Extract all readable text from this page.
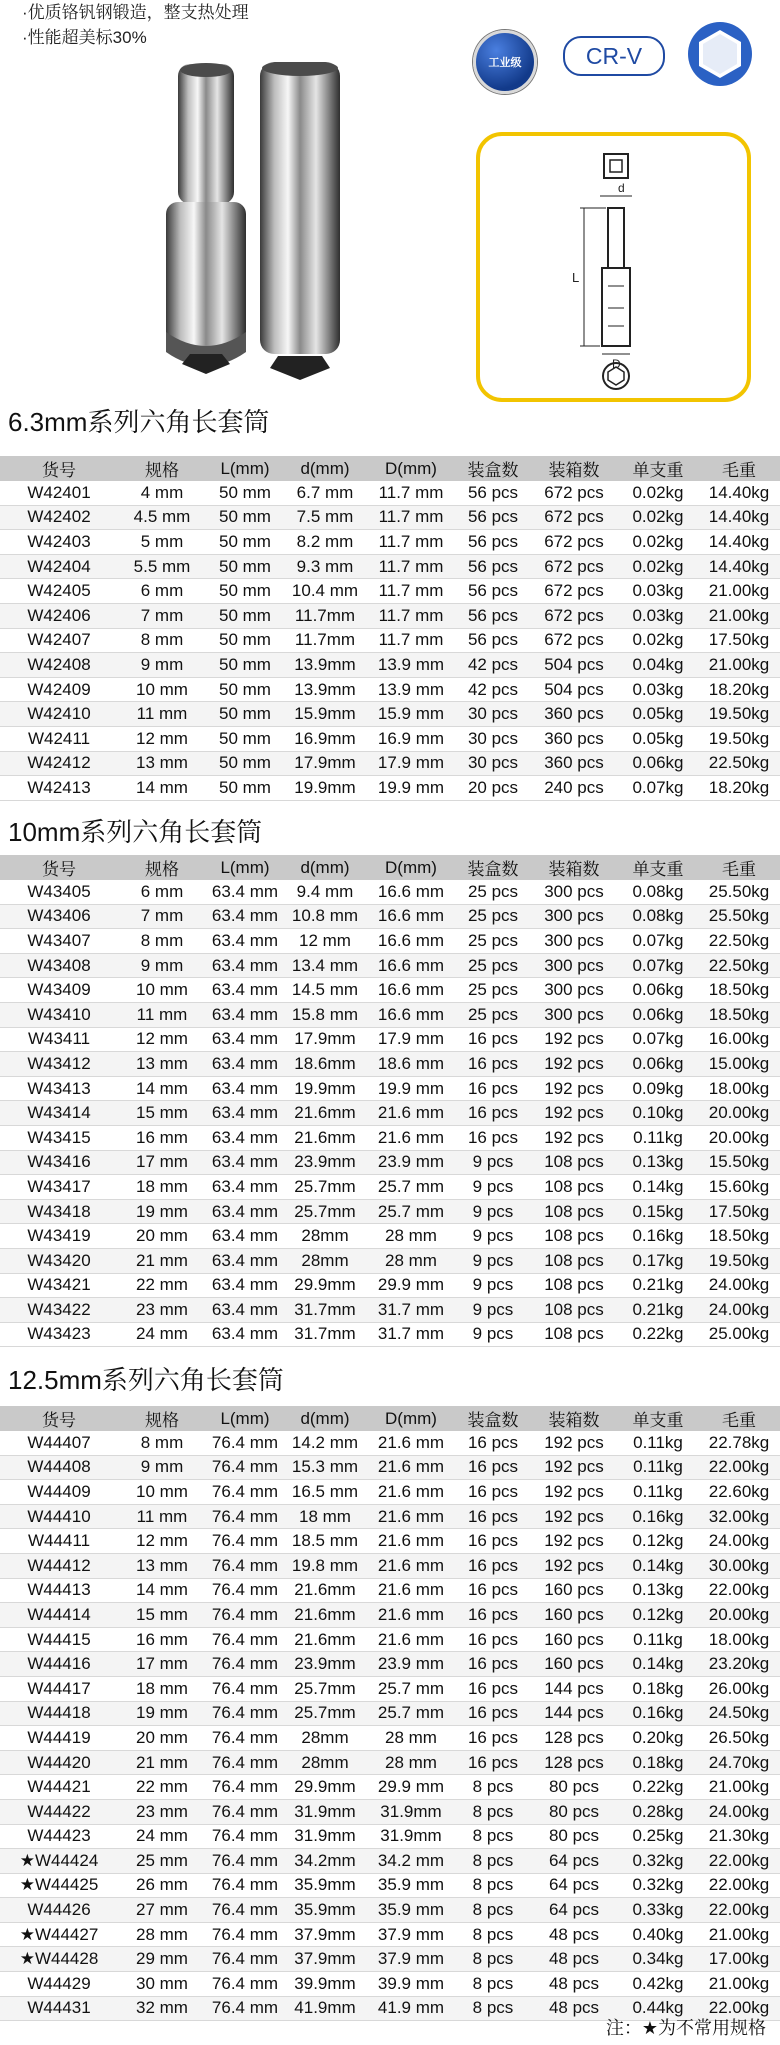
·优质铬钒钢锻造，整支热处理
·性能超美标30%
工业级	CR-V
d
L
D
6.3mm系列六角长套筒
货号	规格	L(mm)	d(mm)	D(mm)	装盒数	装箱数	单支重	毛重
W42401	4 mm	50 mm	6.7 mm	11.7 mm	56 pcs	672 pcs	0.02kg	14.40kg
W42402	4.5 mm	50 mm	7.5 mm	11.7 mm	56 pcs	672 pcs	0.02kg	14.40kg
W42403	5 mm	50 mm	8.2 mm	11.7 mm	56 pcs	672 pcs	0.02kg	14.40kg
W42404	5.5 mm	50 mm	9.3 mm	11.7 mm	56 pcs	672 pcs	0.02kg	14.40kg
W42405	6 mm	50 mm	10.4 mm	11.7 mm	56 pcs	672 pcs	0.03kg	21.00kg
W42406	7 mm	50 mm	11.7mm	11.7 mm	56 pcs	672 pcs	0.03kg	21.00kg
W42407	8 mm	50 mm	11.7mm	11.7 mm	56 pcs	672 pcs	0.02kg	17.50kg
W42408	9 mm	50 mm	13.9mm	13.9 mm	42 pcs	504 pcs	0.04kg	21.00kg
W42409	10 mm	50 mm	13.9mm	13.9 mm	42 pcs	504 pcs	0.03kg	18.20kg
W42410	11 mm	50 mm	15.9mm	15.9 mm	30 pcs	360 pcs	0.05kg	19.50kg
W42411	12 mm	50 mm	16.9mm	16.9 mm	30 pcs	360 pcs	0.05kg	19.50kg
W42412	13 mm	50 mm	17.9mm	17.9 mm	30 pcs	360 pcs	0.06kg	22.50kg
W42413	14 mm	50 mm	19.9mm	19.9 mm	20 pcs	240 pcs	0.07kg	18.20kg
10mm系列六角长套筒
货号	规格	L(mm)	d(mm)	D(mm)	装盒数	装箱数	单支重	毛重
W43405	6 mm	63.4 mm	9.4 mm	16.6 mm	25 pcs	300 pcs	0.08kg	25.50kg
W43406	7 mm	63.4 mm	10.8 mm	16.6 mm	25 pcs	300 pcs	0.08kg	25.50kg
W43407	8 mm	63.4 mm	12 mm	16.6 mm	25 pcs	300 pcs	0.07kg	22.50kg
W43408	9 mm	63.4 mm	13.4 mm	16.6 mm	25 pcs	300 pcs	0.07kg	22.50kg
W43409	10 mm	63.4 mm	14.5 mm	16.6 mm	25 pcs	300 pcs	0.06kg	18.50kg
W43410	11 mm	63.4 mm	15.8 mm	16.6 mm	25 pcs	300 pcs	0.06kg	18.50kg
W43411	12 mm	63.4 mm	17.9mm	17.9 mm	16 pcs	192 pcs	0.07kg	16.00kg
W43412	13 mm	63.4 mm	18.6mm	18.6 mm	16 pcs	192 pcs	0.06kg	15.00kg
W43413	14 mm	63.4 mm	19.9mm	19.9 mm	16 pcs	192 pcs	0.09kg	18.00kg
W43414	15 mm	63.4 mm	21.6mm	21.6 mm	16 pcs	192 pcs	0.10kg	20.00kg
W43415	16 mm	63.4 mm	21.6mm	21.6 mm	16 pcs	192 pcs	0.11kg	20.00kg
W43416	17 mm	63.4 mm	23.9mm	23.9 mm	9 pcs	108 pcs	0.13kg	15.50kg
W43417	18 mm	63.4 mm	25.7mm	25.7 mm	9 pcs	108 pcs	0.14kg	15.60kg
W43418	19 mm	63.4 mm	25.7mm	25.7 mm	9 pcs	108 pcs	0.15kg	17.50kg
W43419	20 mm	63.4 mm	28mm	28 mm	9 pcs	108 pcs	0.16kg	18.50kg
W43420	21 mm	63.4 mm	28mm	28 mm	9 pcs	108 pcs	0.17kg	19.50kg
W43421	22 mm	63.4 mm	29.9mm	29.9 mm	9 pcs	108 pcs	0.21kg	24.00kg
W43422	23 mm	63.4 mm	31.7mm	31.7 mm	9 pcs	108 pcs	0.21kg	24.00kg
W43423	24 mm	63.4 mm	31.7mm	31.7 mm	9 pcs	108 pcs	0.22kg	25.00kg
12.5mm系列六角长套筒
货号	规格	L(mm)	d(mm)	D(mm)	装盒数	装箱数	单支重	毛重
W44407	8 mm	76.4 mm	14.2 mm	21.6 mm	16 pcs	192 pcs	0.11kg	22.78kg
W44408	9 mm	76.4 mm	15.3 mm	21.6 mm	16 pcs	192 pcs	0.11kg	22.00kg
W44409	10 mm	76.4 mm	16.5 mm	21.6 mm	16 pcs	192 pcs	0.11kg	22.60kg
W44410	11 mm	76.4 mm	18 mm	21.6 mm	16 pcs	192 pcs	0.16kg	32.00kg
W44411	12 mm	76.4 mm	18.5 mm	21.6 mm	16 pcs	192 pcs	0.12kg	24.00kg
W44412	13 mm	76.4 mm	19.8 mm	21.6 mm	16 pcs	192 pcs	0.14kg	30.00kg
W44413	14 mm	76.4 mm	21.6mm	21.6 mm	16 pcs	160 pcs	0.13kg	22.00kg
W44414	15 mm	76.4 mm	21.6mm	21.6 mm	16 pcs	160 pcs	0.12kg	20.00kg
W44415	16 mm	76.4 mm	21.6mm	21.6 mm	16 pcs	160 pcs	0.11kg	18.00kg
W44416	17 mm	76.4 mm	23.9mm	23.9 mm	16 pcs	160 pcs	0.14kg	23.20kg
W44417	18 mm	76.4 mm	25.7mm	25.7 mm	16 pcs	144 pcs	0.18kg	26.00kg
W44418	19 mm	76.4 mm	25.7mm	25.7 mm	16 pcs	144 pcs	0.16kg	24.50kg
W44419	20 mm	76.4 mm	28mm	28 mm	16 pcs	128 pcs	0.20kg	26.50kg
W44420	21 mm	76.4 mm	28mm	28 mm	16 pcs	128 pcs	0.18kg	24.70kg
W44421	22 mm	76.4 mm	29.9mm	29.9 mm	8 pcs	80 pcs	0.22kg	21.00kg
W44422	23 mm	76.4 mm	31.9mm	31.9mm	8 pcs	80 pcs	0.28kg	24.00kg
W44423	24 mm	76.4 mm	31.9mm	31.9mm	8 pcs	80 pcs	0.25kg	21.30kg
★W44424	25 mm	76.4 mm	34.2mm	34.2 mm	8 pcs	64 pcs	0.32kg	22.00kg
★W44425	26 mm	76.4 mm	35.9mm	35.9 mm	8 pcs	64 pcs	0.32kg	22.00kg
W44426	27 mm	76.4 mm	35.9mm	35.9 mm	8 pcs	64 pcs	0.33kg	22.00kg
★W44427	28 mm	76.4 mm	37.9mm	37.9 mm	8 pcs	48 pcs	0.40kg	21.00kg
★W44428	29 mm	76.4 mm	37.9mm	37.9 mm	8 pcs	48 pcs	0.34kg	17.00kg
W44429	30 mm	76.4 mm	39.9mm	39.9 mm	8 pcs	48 pcs	0.42kg	21.00kg
W44431	32 mm	76.4 mm	41.9mm	41.9 mm	8 pcs	48 pcs	0.44kg	22.00kg
注：★为不常用规格
